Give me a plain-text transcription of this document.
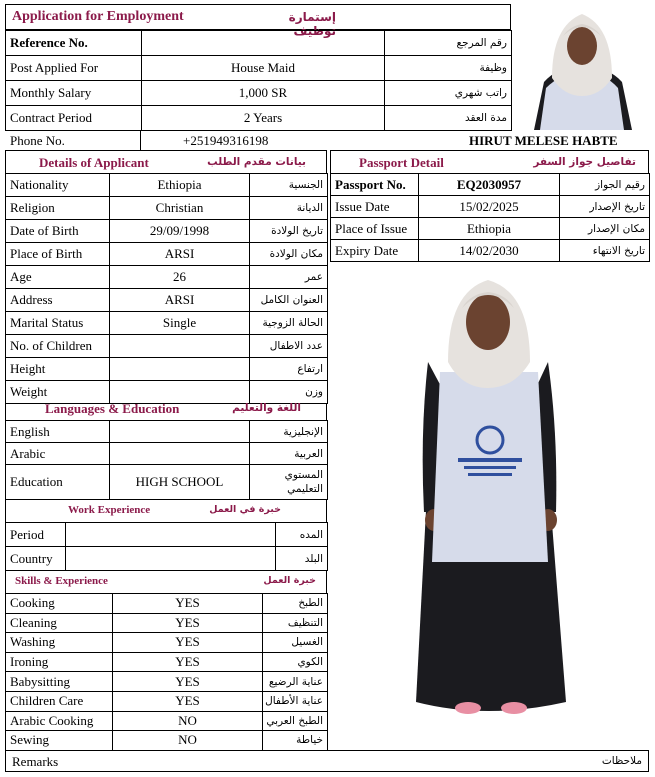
Application for Employment	إستمارة توظيف
Reference No.		رقم المرجع
Post Applied For	House Maid	وظيفة
Monthly Salary	1,000 SR	راتب شهري
Contract Period	2 Years	مدة العقد
Phone No.	+251949316198	HIRUT MELESE HABTE
Details of Applicant	بيانات مقدم الطلب
Nationality	Ethiopia	الجنسية
Religion	Christian	الديانة
Date of Birth	29/09/1998	تاريخ الولادة
Place of Birth	ARSI	مكان الولادة
Age	26	عمر
Address	ARSI	العنوان الكامل
Marital Status	Single	الحالة الزوجية
No. of Children		عدد الاطفال
Height		ارتفاع
Weight		وزن
Languages & Education	اللغة والتعليم
English		الإنجليزية
Arabic		العربية
Education	HIGH SCHOOL	المستوي التعليمي
Work Experience	خبرة في العمل
Period		المده
Country		البلد
Skills & Experience	خبرة العمل
Cooking	YES	الطبخ
Cleaning	YES	التنظيف
Washing	YES	الغسيل
Ironing	YES	الكوي
Babysitting	YES	عناية الرضيع
Children Care	YES	عناية الأطفال
Arabic Cooking	NO	الطبخ العربي
Sewing	NO	خياطة
Passport Detail	تفاصيل جواز السفر
Passport No.	EQ2030957	رقيم الجواز
Issue Date	15/02/2025	تاريخ الإصدار
Place of Issue	Ethiopia	مكان الإصدار
Expiry Date	14/02/2030	تاريخ الانتهاء
Remarks	ملاحظات
